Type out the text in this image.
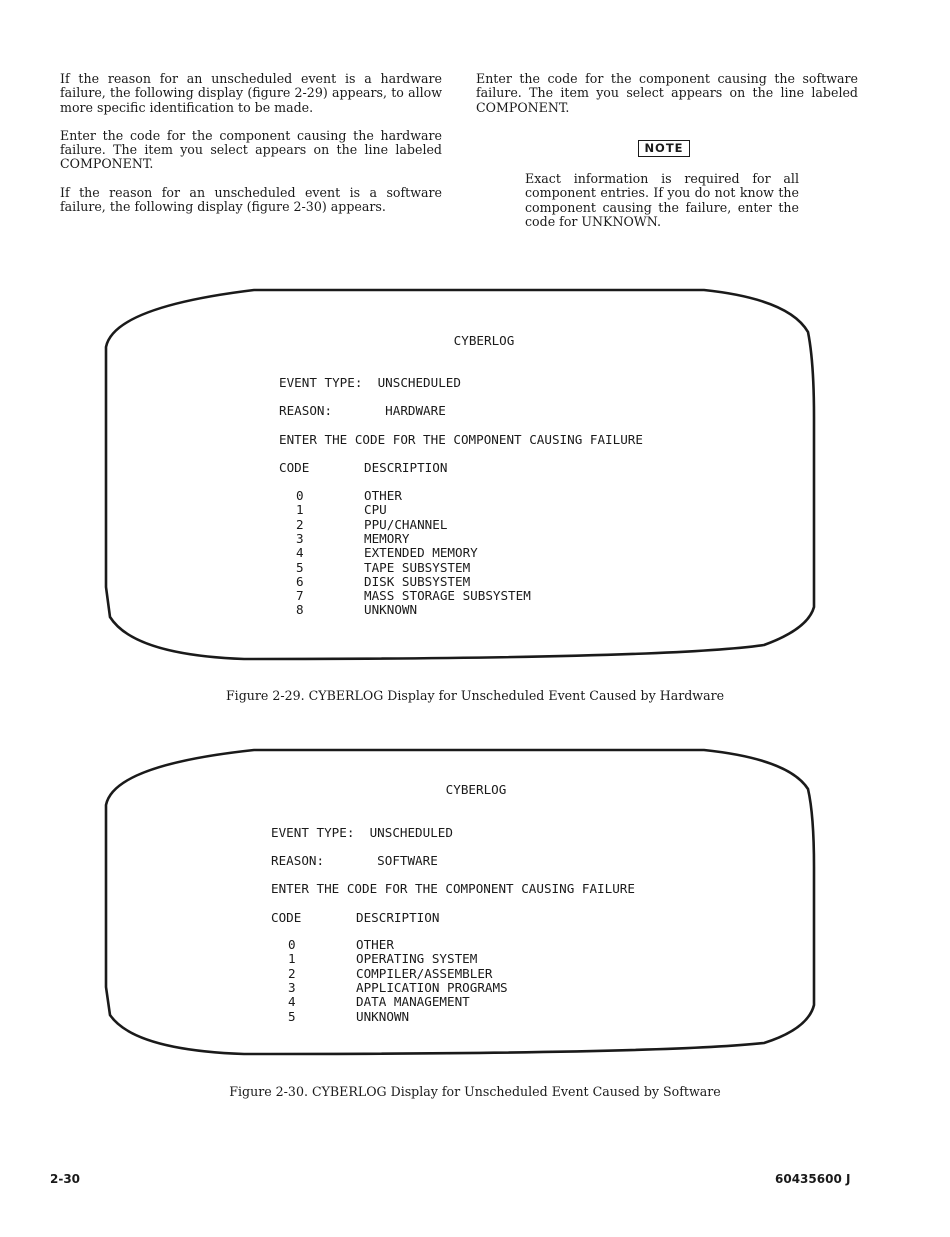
If the reason for an unscheduled event is a hardware failure, the following display (figure 2-29) appears, to allow more specific identification to be made.

Enter the code for the component causing the hardware failure. The item you select appears on the line labeled COMPONENT.

If the reason for an unscheduled event is a software failure, the following display (figure 2-30) appears.

Enter the code for the component causing the software failure. The item you select appears on the line labeled COMPONENT.

NOTE
Exact information is required for all component entries. If you do not know the component causing the failure, enter the code for UNKNOWN.
CYBERLOG
EVENT TYPE:  UNSCHEDULED
REASON:       HARDWARE
ENTER THE CODE FOR THE COMPONENT CAUSING FAILURE
CODE	DESCRIPTION
0	OTHER
1	CPU
2	PPU/CHANNEL
3	MEMORY
4	EXTENDED MEMORY
5	TAPE SUBSYSTEM
6	DISK SUBSYSTEM
7	MASS STORAGE SUBSYSTEM
8	UNKNOWN
Figure 2-29. CYBERLOG Display for Unscheduled Event Caused by Hardware
CYBERLOG
EVENT TYPE:  UNSCHEDULED
REASON:       SOFTWARE
ENTER THE CODE FOR THE COMPONENT CAUSING FAILURE
CODE	DESCRIPTION
0	OTHER
1	OPERATING SYSTEM
2	COMPILER/ASSEMBLER
3	APPLICATION PROGRAMS
4	DATA MANAGEMENT
5	UNKNOWN
Figure 2-30. CYBERLOG Display for Unscheduled Event Caused by Software
2-30	60435600 J
